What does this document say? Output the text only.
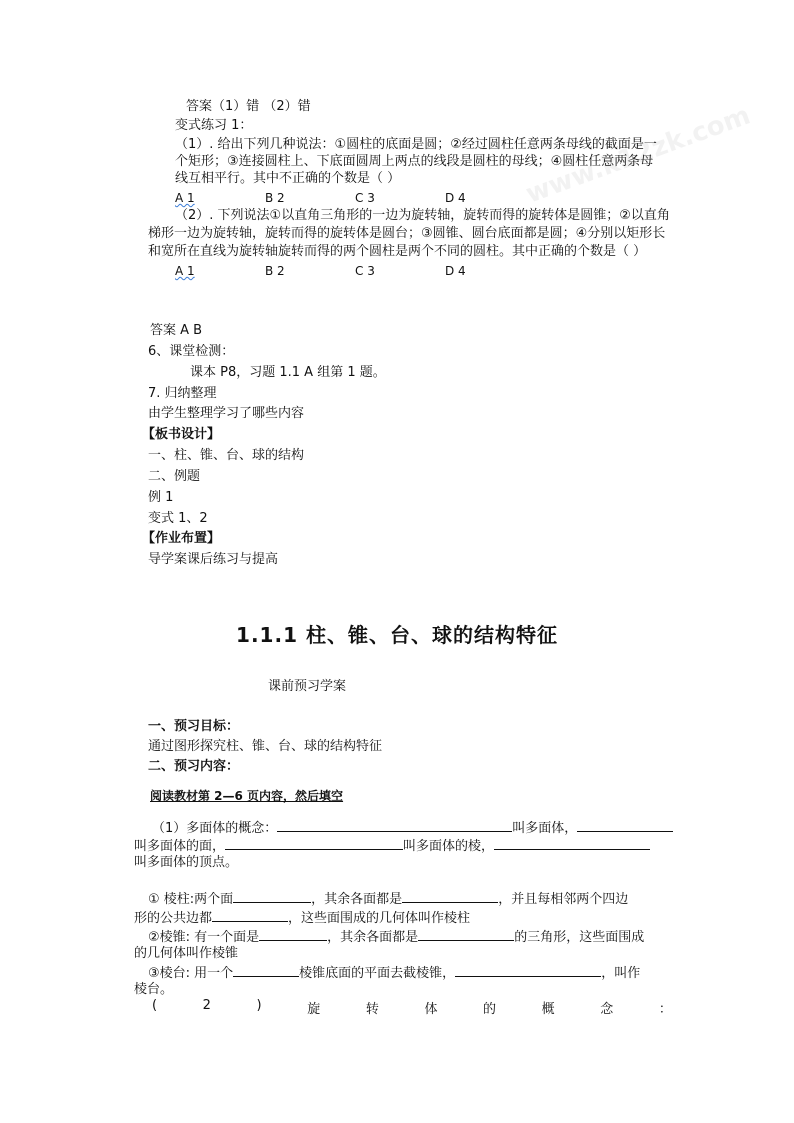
www.k12zk.com
答案（1）错 （2）错
变式练习 1：
（1）. 给出下列几种说法：①圆柱的底面是圆；②经过圆柱任意两条母线的截面是一
个矩形；③连接圆柱上、下底面圆周上两点的线段是圆柱的母线；④圆柱任意两条母
线互相平行。其中不正确的个数是（ ）
A 1	B 2	C 3	D 4
（2）. 下列说法①以直角三角形的一边为旋转轴，旋转而得的旋转体是圆锥；②以直角
梯形一边为旋转轴，旋转而得的旋转体是圆台；③圆锥、圆台底面都是圆；④分别以矩形长
和宽所在直线为旋转轴旋转而得的两个圆柱是两个不同的圆柱。其中正确的个数是（ ）
A 1	B 2	C 3	D 4
答案 A B
6、课堂检测：
课本 P8，习题 1.1 A 组第 1 题。
7. 归纳整理
由学生整理学习了哪些内容
【板书设计】
一、柱、锥、台、球的结构
二、例题
例 1
变式 1、2
【作业布置】
导学案课后练习与提高
1.1.1 柱、锥、台、球的结构特征
课前预习学案
一、预习目标：
通过图形探究柱、锥、台、球的结构特征
二、预习内容：
阅读教材第 2—6 页内容，然后填空
（1）多面体的概念：	叫多面体，
叫多面体的面，	叫多面体的棱，
叫多面体的顶点。
① 棱柱:两个面	，其余各面都是	，并且每相邻两个四边
形的公共边都	，这些面围成的几何体叫作棱柱
②棱锥: 有一个面是	，其余各面都是	的三角形，这些面围成
的几何体叫作棱锥
③棱台: 用一个	棱锥底面的平面去截棱锥，	，叫作
棱台。
(	2	)	旋	转	体	的	概	念	：
